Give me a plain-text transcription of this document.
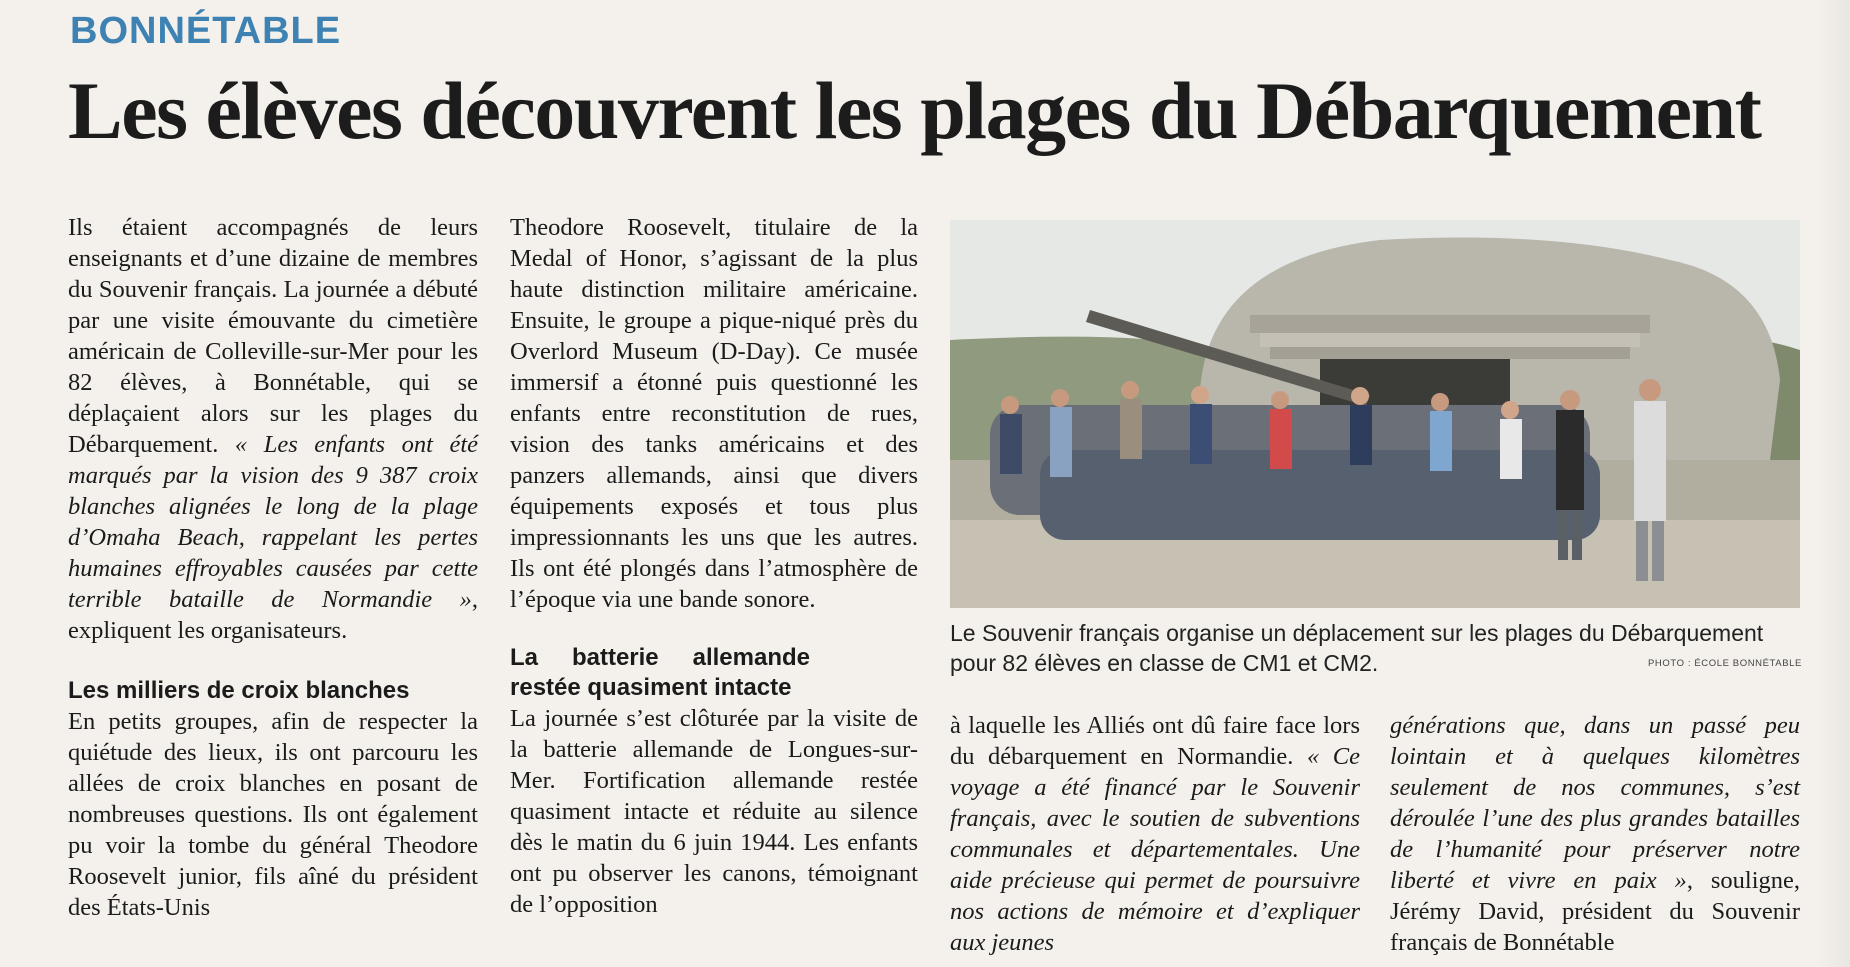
BONNÉTABLE
Les élèves découvrent les plages du Débarquement

Ils étaient accompagnés de leurs enseignants et d’une dizaine de membres du Souvenir français. La journée a débuté par une visite émouvante du cimetière américain de Colleville-sur-Mer pour les 82 élèves, à Bonnétable, qui se déplaçaient alors sur les plages du Débarquement. « Les enfants ont été marqués par la vision des 9 387 croix blanches alignées le long de la plage d’Omaha Beach, rappelant les pertes humaines effroyables causées par cette terrible bataille de Normandie », expliquent les organisateurs.

Les milliers de croix blanches

En petits groupes, afin de respecter la quiétude des lieux, ils ont parcouru les allées de croix blanches en posant de nombreuses questions. Ils ont également pu voir la tombe du général Theodore Roosevelt junior, fils aîné du président des États-Unis

Theodore Roosevelt, titulaire de la Medal of Honor, s’agissant de la plus haute distinction militaire américaine. Ensuite, le groupe a pique-niqué près du Overlord Museum (D-Day). Ce musée immersif a étonné puis questionné les enfants entre reconstitution de rues, vision des tanks américains et des panzers allemands, ainsi que divers équipements exposés et tous plus impressionnants les uns que les autres. Ils ont été plongés dans l’atmosphère de l’époque via une bande sonore.

La batterie allemande restée quasiment intacte

La journée s’est clôturée par la visite de la batterie allemande de Longues-sur-Mer. Fortification allemande restée quasiment intacte et réduite au silence dès le matin du 6 juin 1944. Les enfants ont pu observer les canons, témoignant de l’opposition

Le Souvenir français organise un déplacement sur les plages du Débarquement pour 82 élèves en classe de CM1 et CM2.	PHOTO : ÉCOLE BONNÉTABLE

à laquelle les Alliés ont dû faire face lors du débarquement en Normandie. « Ce voyage a été financé par le Souvenir français, avec le soutien de subventions communales et départementales. Une aide précieuse qui permet de poursuivre nos actions de mémoire et d’expliquer aux jeunes

générations que, dans un passé peu lointain et à quelques kilomètres seulement de nos communes, s’est déroulée l’une des plus grandes batailles de l’humanité pour préserver notre liberté et vivre en paix », souligne, Jérémy David, président du Souvenir français de Bonnétable
